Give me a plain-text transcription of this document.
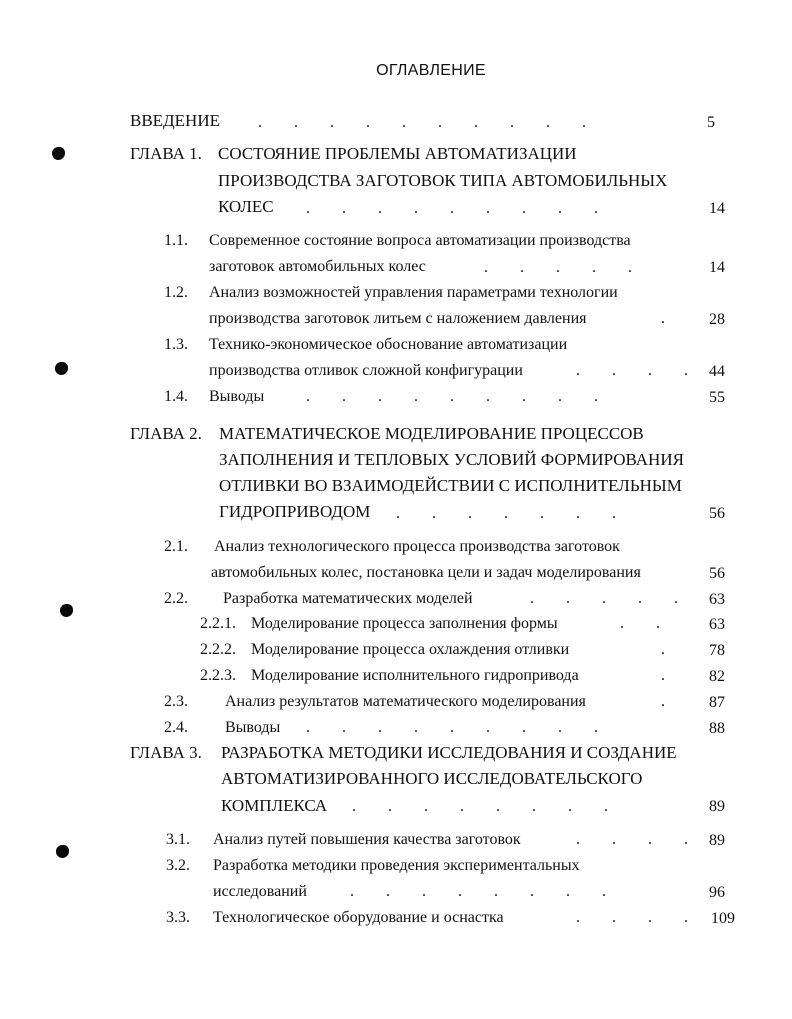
ОГЛАВЛЕНИЕ
ВВЕДЕНИЕ .        .        .        .        .        .        .        .        .        .	5
ГЛАВА 1. СОСТОЯНИЕ ПРОБЛЕМЫ АВТОМАТИЗАЦИИ
ПРОИЗВОДСТВА ЗАГОТОВОК ТИПА АВТОМОБИЛЬНЫХ
КОЛЕС .        .        .        .        .        .        .        .        .	14
1.1. Современное состояние вопроса автоматизации производства
заготовок автомобильных колес	.        .        .        .        .	14
1.2. Анализ возможностей управления параметрами технологии
производства заготовок литьем с наложением давления	.	28
1.3. Технико-экономическое обоснование автоматизации
производства отливок сложной конфигурации	.        .        .        .	44
1.4. Выводы	.        .        .        .        .        .        .        .        .	55
ГЛАВА 2. МАТЕМАТИЧЕСКОЕ МОДЕЛИРОВАНИЕ ПРОЦЕССОВ
ЗАПОЛНЕНИЯ И ТЕПЛОВЫХ УСЛОВИЙ ФОРМИРОВАНИЯ
ОТЛИВКИ ВО ВЗАИМОДЕЙСТВИИ С ИСПОЛНИТЕЛЬНЫМ
ГИДРОПРИВОДОМ .        .        .        .        .        .        .	56
2.1. Анализ технологического процесса производства заготовок
автомобильных колес, постановка цели и задач моделирования	56
2.2. Разработка математических моделей	.        .        .        .        .	63
2.2.1. Моделирование процесса заполнения формы	.        .	63
2.2.2. Моделирование процесса охлаждения отливки	.	78
2.2.3. Моделирование исполнительного гидропривода	.	82
2.3. Анализ результатов математического моделирования	.	87
2.4. Выводы .        .        .        .        .        .        .        .        .	88
ГЛАВА 3. РАЗРАБОТКА МЕТОДИКИ ИССЛЕДОВАНИЯ И СОЗДАНИЕ
АВТОМАТИЗИРОВАННОГО ИССЛЕДОВАТЕЛЬСКОГО
КОМПЛЕКСА .        .        .        .        .        .        .        .	89
3.1. Анализ путей повышения качества заготовок	.        .        .        .	89
3.2. Разработка методики проведения экспериментальных
исследований	.        .        .        .        .        .        .        .	96
3.3. Технологическое оборудование и оснастка	.        .        .        .	109
